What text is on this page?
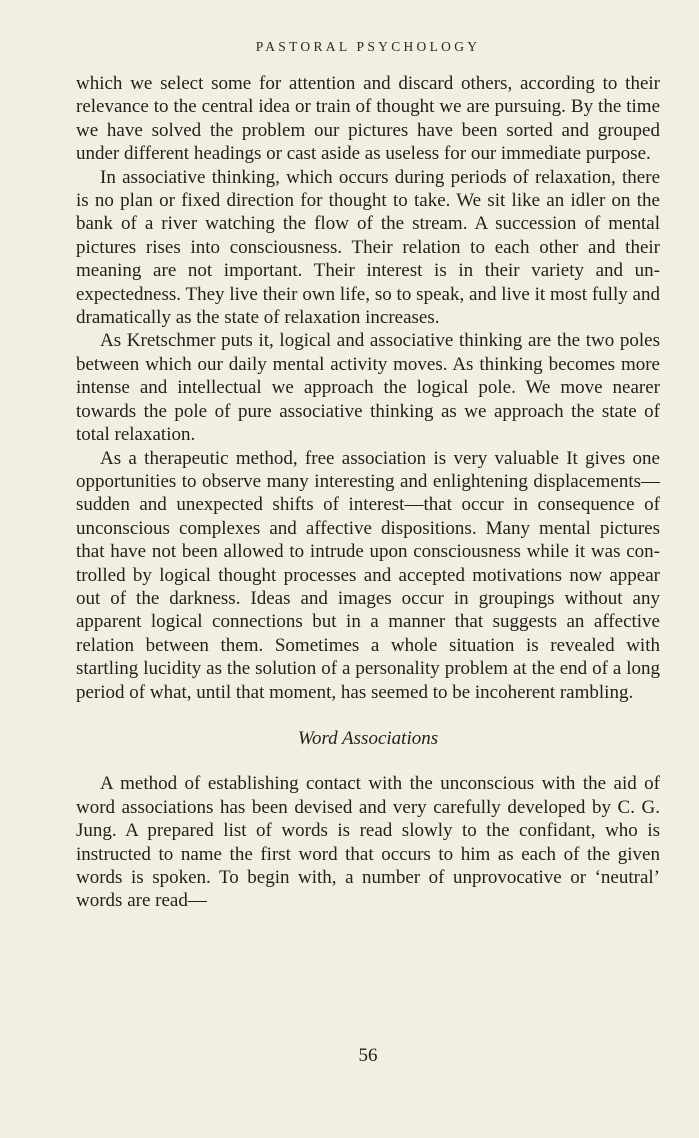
PASTORAL PSYCHOLOGY

which we select some for attention and discard others, according to their relevance to the central idea or train of thought we are pursuing. By the time we have solved the problem our pictures have been sorted and grouped under different headings or cast aside as useless for our immediate purpose.

In associative thinking, which occurs during periods of relaxation, there is no plan or fixed direction for thought to take. We sit like an idler on the bank of a river watching the flow of the stream. A succession of mental pictures rises into consciousness. Their relation to each other and their meaning are not important. Their interest is in their variety and unexpectedness. They live their own life, so to speak, and live it most fully and dramatically as the state of relaxation increases.

As Kretschmer puts it, logical and associative thinking are the two poles between which our daily mental activity moves. As thinking becomes more intense and intellectual we approach the logical pole. We move nearer towards the pole of pure associative thinking as we approach the state of total relaxation.

As a therapeutic method, free association is very valuable It gives one opportunities to observe many interesting and enlightening displacements—sudden and unexpected shifts of interest—that occur in consequence of unconscious complexes and affective dispositions. Many mental pictures that have not been allowed to intrude upon consciousness while it was controlled by logical thought processes and accepted motivations now appear out of the darkness. Ideas and images occur in groupings without any apparent logical connections but in a manner that suggests an affective relation between them. Sometimes a whole situation is revealed with startling lucidity as the solution of a personality problem at the end of a long period of what, until that moment, has seemed to be incoherent rambling.

Word Associations

A method of establishing contact with the unconscious with the aid of word associations has been devised and very carefully developed by C. G. Jung. A prepared list of words is read slowly to the confidant, who is instructed to name the first word that occurs to him as each of the given words is spoken. To begin with, a number of unprovocative or ‘neutral’ words are read—

56
